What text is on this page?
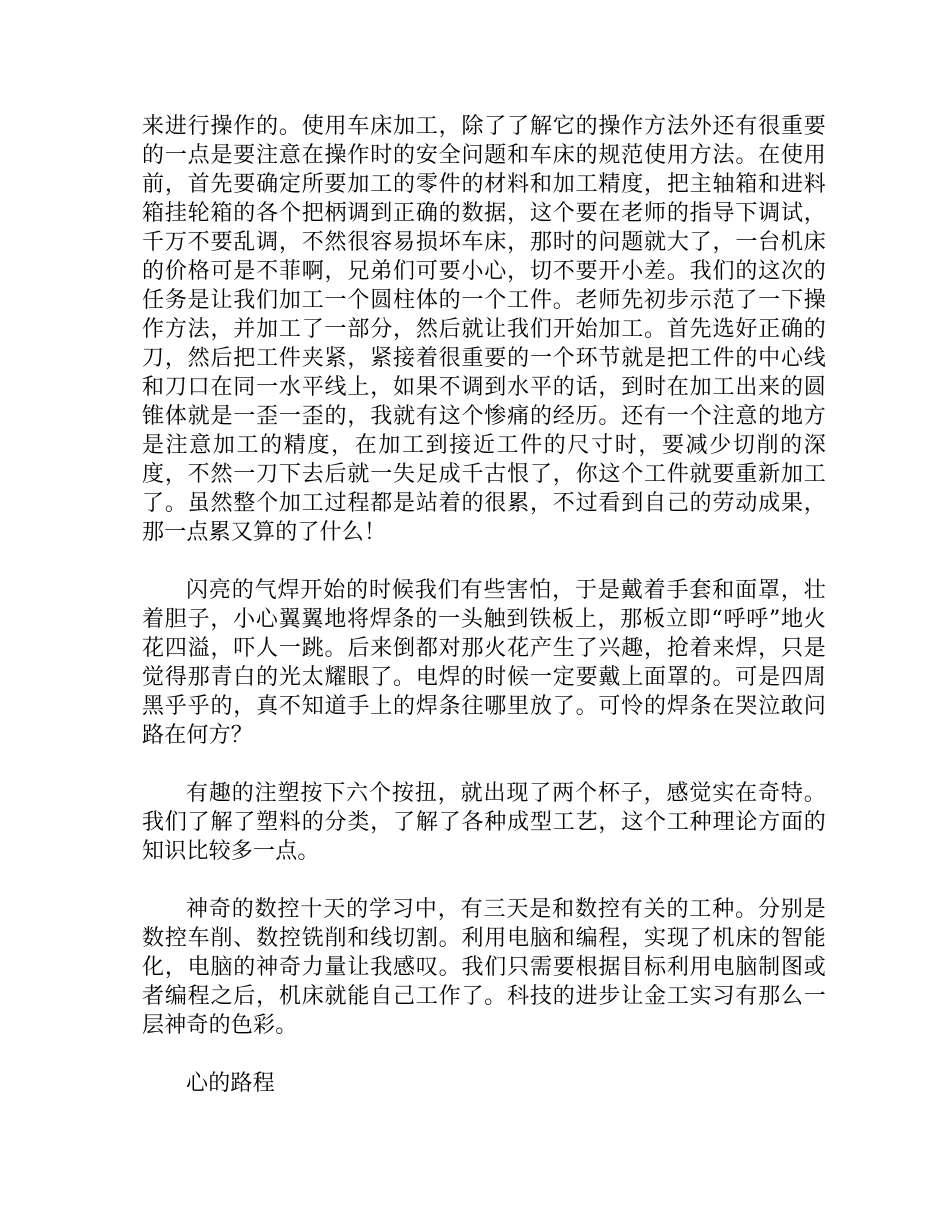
来进行操作的。使用车床加工，除了了解它的操作方法外还有很重要的一点是要注意在操作时的安全问题和车床的规范使用方法。在使用前，首先要确定所要加工的零件的材料和加工精度，把主轴箱和进料箱挂轮箱的各个把柄调到正确的数据，这个要在老师的指导下调试，千万不要乱调，不然很容易损坏车床，那时的问题就大了，一台机床的价格可是不菲啊，兄弟们可要小心，切不要开小差。我们的这次的任务是让我们加工一个圆柱体的一个工件。老师先初步示范了一下操作方法，并加工了一部分，然后就让我们开始加工。首先选好正确的刀，然后把工件夹紧，紧接着很重要的一个环节就是把工件的中心线和刀口在同一水平线上，如果不调到水平的话，到时在加工出来的圆锥体就是一歪一歪的，我就有这个惨痛的经历。还有一个注意的地方是注意加工的精度，在加工到接近工件的尺寸时，要减少切削的深度，不然一刀下去后就一失足成千古恨了，你这个工件就要重新加工了。虽然整个加工过程都是站着的很累，不过看到自己的劳动成果，那一点累又算的了什么！

闪亮的气焊开始的时候我们有些害怕，于是戴着手套和面罩，壮着胆子，小心翼翼地将焊条的一头触到铁板上，那板立即“呼呼”地火花四溢，吓人一跳。后来倒都对那火花产生了兴趣，抢着来焊，只是觉得那青白的光太耀眼了。电焊的时候一定要戴上面罩的。可是四周黑乎乎的，真不知道手上的焊条往哪里放了。可怜的焊条在哭泣敢问路在何方？

有趣的注塑按下六个按扭，就出现了两个杯子，感觉实在奇特。我们了解了塑料的分类，了解了各种成型工艺，这个工种理论方面的知识比较多一点。

神奇的数控十天的学习中，有三天是和数控有关的工种。分别是数控车削、数控铣削和线切割。利用电脑和编程，实现了机床的智能化，电脑的神奇力量让我感叹。我们只需要根据目标利用电脑制图或者编程之后，机床就能自己工作了。科技的进步让金工实习有那么一层神奇的色彩。

心的路程
